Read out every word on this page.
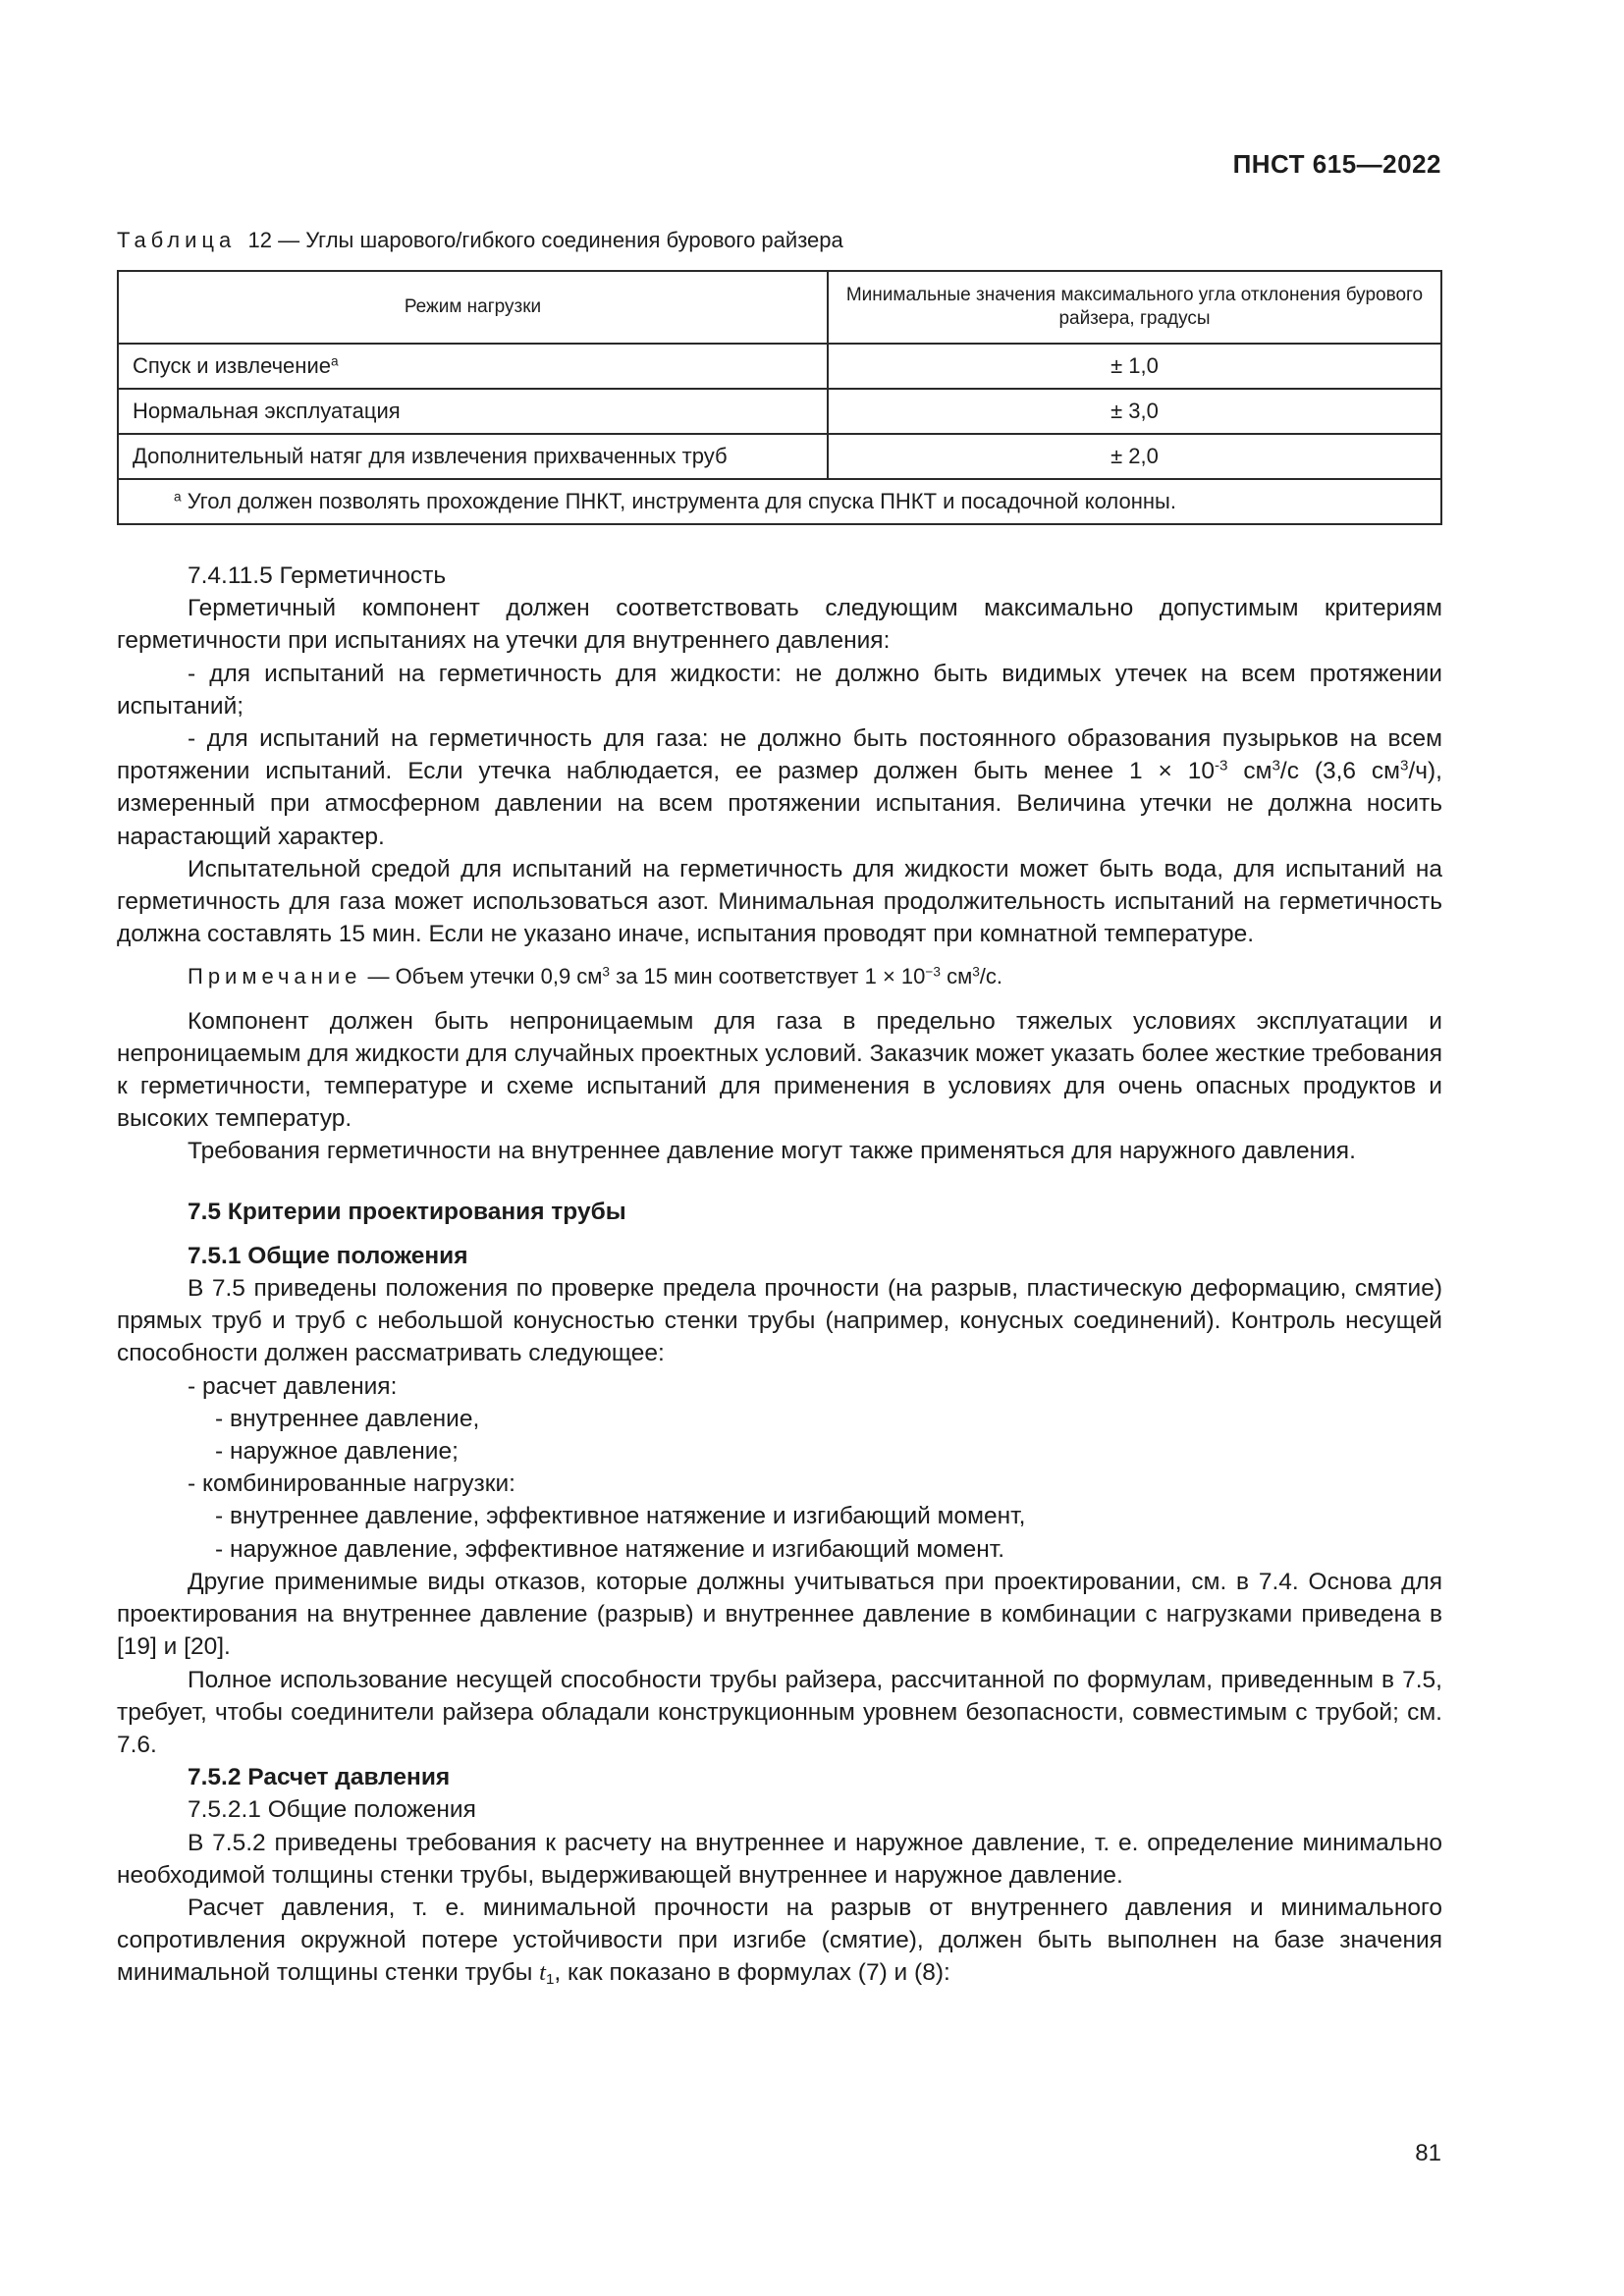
ПНСТ 615—2022
Таблица 12 — Углы шарового/гибкого соединения бурового райзера
Режим нагрузки	Минимальные значения максимального угла отклонения бурового райзера, градусы
Спуск и извлечение$^a$	± 1,0
Нормальная эксплуатация	± 3,0
Дополнительный натяг для извлечения прихваченных труб	± 2,0
$^a$ Угол должен позволять прохождение ПНКТ, инструмента для спуска ПНКТ и посадочной колонны.	

7.4.11.5 Герметичность

Герметичный компонент должен соответствовать следующим максимально допустимым критериям герметичности при испытаниях на утечки для внутреннего давления:

- для испытаний на герметичность для жидкости: не должно быть видимых утечек на всем протяжении испытаний;

- для испытаний на герметичность для газа: не должно быть постоянного образования пузырьков на всем протяжении испытаний. Если утечка наблюдается, ее размер должен быть менее $1 \times 10^{-3}$ $см^3/с$ (3,6 $см^3/ч$), измеренный при атмосферном давлении на всем протяжении испытания. Величина утечки не должна носить нарастающий характер.

Испытательной средой для испытаний на герметичность для жидкости может быть вода, для испытаний на герметичность для газа может использоваться азот. Минимальная продолжительность испытаний на герметичность должна составлять 15 мин. Если не указано иначе, испытания проводят при комнатной температуре.

Примечание — Объем утечки 0,9 $см^3$ за 15 мин соответствует $1 \times 10^{-3}$ $см^3/с$.

Компонент должен быть непроницаемым для газа в предельно тяжелых условиях эксплуатации и непроницаемым для жидкости для случайных проектных условий. Заказчик может указать более жесткие требования к герметичности, температуре и схеме испытаний для применения в условиях для очень опасных продуктов и высоких температур.

Требования герметичности на внутреннее давление могут также применяться для наружного давления.

7.5 Критерии проектирования трубы

7.5.1 Общие положения

В 7.5 приведены положения по проверке предела прочности (на разрыв, пластическую деформацию, смятие) прямых труб и труб с небольшой конусностью стенки трубы (например, конусных соединений). Контроль несущей способности должен рассматривать следующее:

- расчет давления:

- внутреннее давление,

- наружное давление;

- комбинированные нагрузки:

- внутреннее давление, эффективное натяжение и изгибающий момент,

- наружное давление, эффективное натяжение и изгибающий момент.

Другие применимые виды отказов, которые должны учитываться при проектировании, см. в 7.4. Основа для проектирования на внутреннее давление (разрыв) и внутреннее давление в комбинации с нагрузками приведена в [19] и [20].

Полное использование несущей способности трубы райзера, рассчитанной по формулам, приведенным в 7.5, требует, чтобы соединители райзера обладали конструкционным уровнем безопасности, совместимым с трубой; см. 7.6.

7.5.2 Расчет давления

7.5.2.1 Общие положения

В 7.5.2 приведены требования к расчету на внутреннее и наружное давление, т. е. определение минимально необходимой толщины стенки трубы, выдерживающей внутреннее и наружное давление.

Расчет давления, т. е. минимальной прочности на разрыв от внутреннего давления и минимального сопротивления окружной потере устойчивости при изгибе (смятие), должен быть выполнен на базе значения минимальной толщины стенки трубы $t_1$, как показано в формулах (7) и (8):

81
